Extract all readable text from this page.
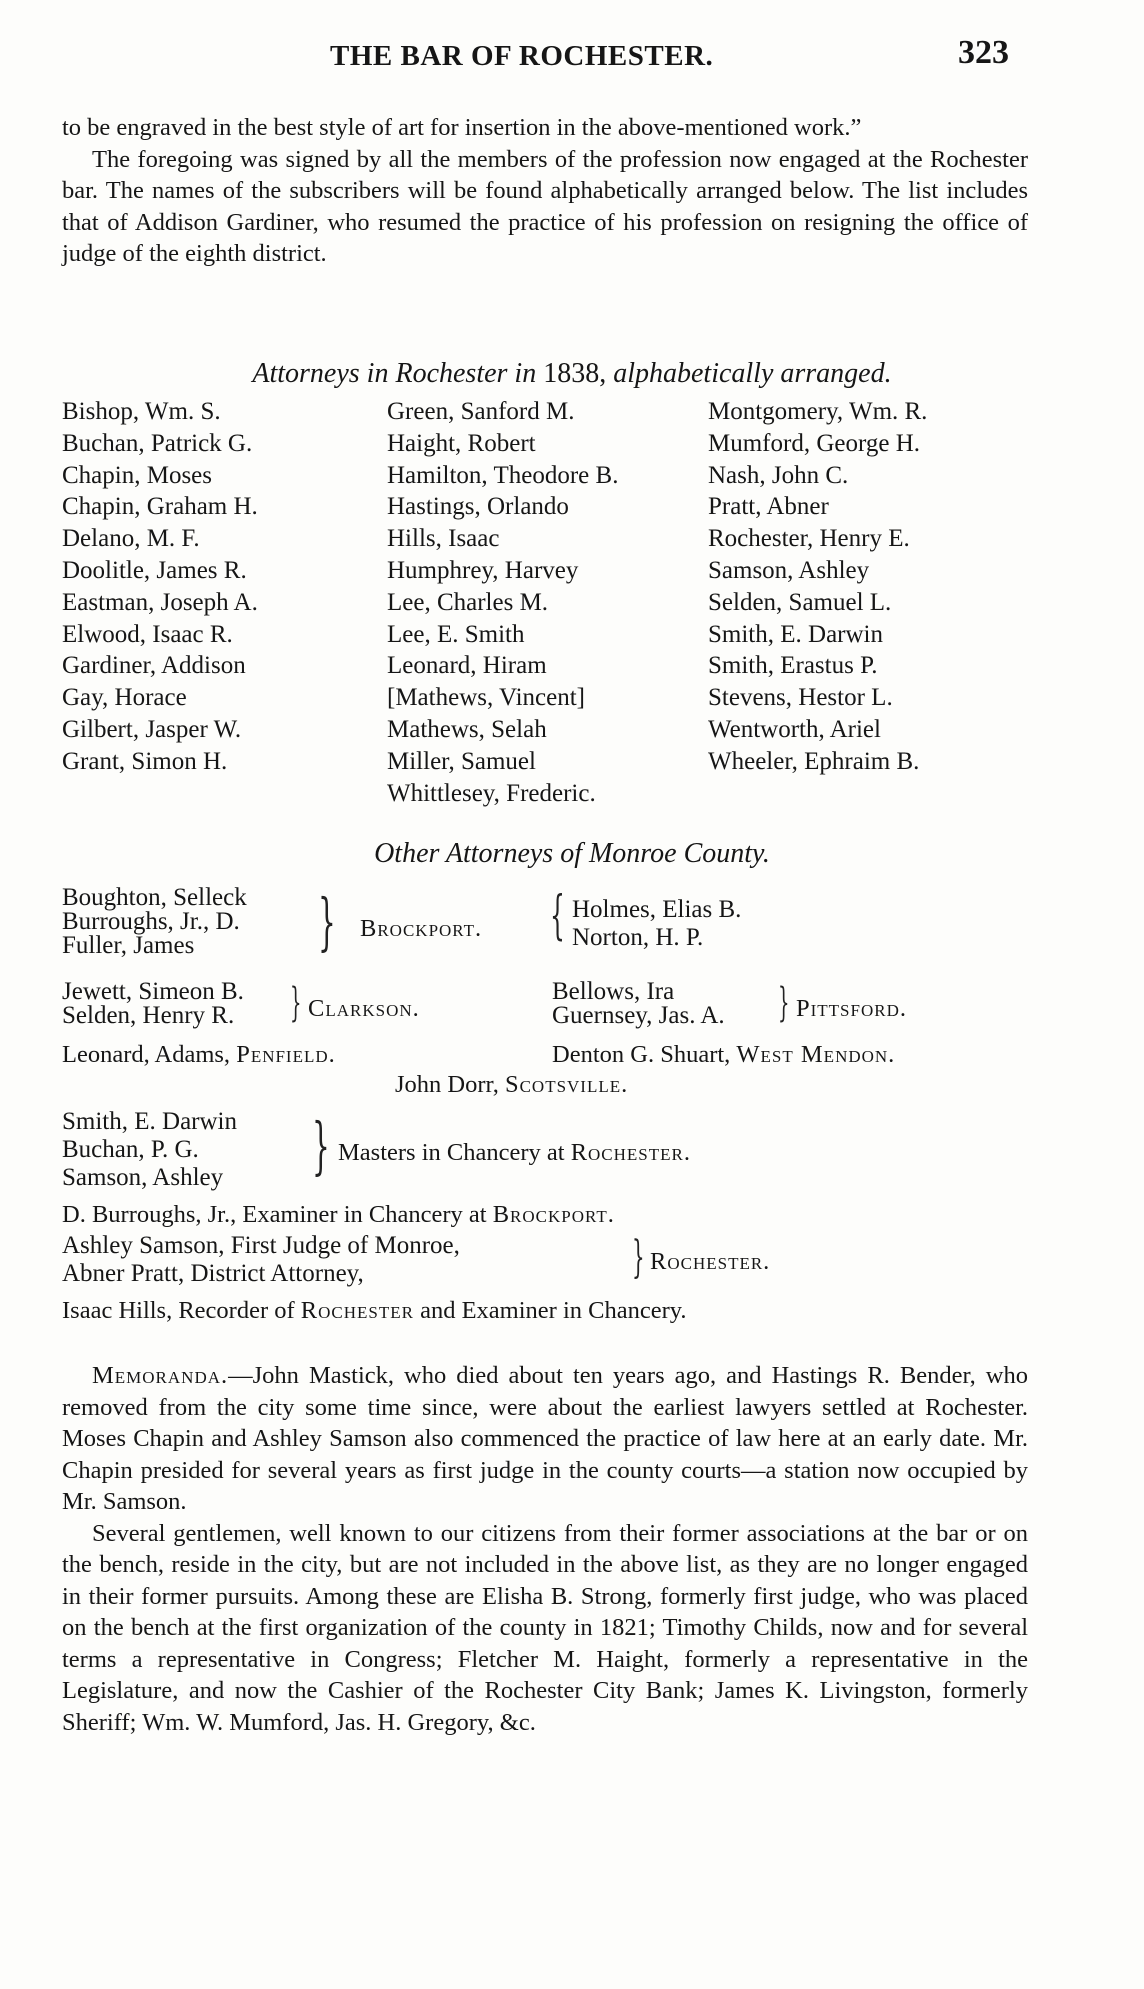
THE BAR OF ROCHESTER.	323

to be engraved in the best style of art for insertion in the above-mentioned work.”

The foregoing was signed by all the members of the profession now engaged at the Rochester bar. The names of the subscribers will be found alphabetically arranged below. The list includes that of Addison Gardiner, who resumed the practice of his profession on resigning the office of judge of the eighth district.

Attorneys in Rochester in 1838, alphabetically arranged.
Bishop, Wm. S.
Buchan, Patrick G.
Chapin, Moses
Chapin, Graham H.
Delano, M. F.
Doolitle, James R.
Eastman, Joseph A.
Elwood, Isaac R.
Gardiner, Addison
Gay, Horace
Gilbert, Jasper W.
Grant, Simon H.
Green, Sanford M.
Haight, Robert
Hamilton, Theodore B.
Hastings, Orlando
Hills, Isaac
Humphrey, Harvey
Lee, Charles M.
Lee, E. Smith
Leonard, Hiram
[Mathews, Vincent]
Mathews, Selah
Miller, Samuel
Whittlesey, Frederic.
Montgomery, Wm. R.
Mumford, George H.
Nash, John C.
Pratt, Abner
Rochester, Henry E.
Samson, Ashley
Selden, Samuel L.
Smith, E. Darwin
Smith, Erastus P.
Stevens, Hestor L.
Wentworth, Ariel
Wheeler, Ephraim B.
Other Attorneys of Monroe County.
Boughton, Selleck
Burroughs, Jr., D.
Fuller, James	} Brockport. { Holmes, Elias B.
Norton, H. P.
Jewett, Simeon B.
Selden, Henry R. } Clarkson.
Bellows, Ira
Guernsey, Jas. A. } Pittsford.
Leonard, Adams, Penfield.	Denton G. Shuart, West Mendon.
John Dorr, Scotsville.
Smith, E. Darwin
Buchan, P. G.
Samson, Ashley } Masters in Chancery at Rochester.
D. Burroughs, Jr., Examiner in Chancery at Brockport.
Ashley Samson, First Judge of Monroe,
Abner Pratt, District Attorney,	} Rochester.
Isaac Hills, Recorder of Rochester and Examiner in Chancery.

Memoranda.—John Mastick, who died about ten years ago, and Hastings R. Bender, who removed from the city some time since, were about the earliest lawyers settled at Rochester. Moses Chapin and Ashley Samson also commenced the practice of law here at an early date. Mr. Chapin presided for several years as first judge in the county courts—a station now occupied by Mr. Samson.

Several gentlemen, well known to our citizens from their former associations at the bar or on the bench, reside in the city, but are not included in the above list, as they are no longer engaged in their former pursuits. Among these are Elisha B. Strong, formerly first judge, who was placed on the bench at the first organization of the county in 1821; Timothy Childs, now and for several terms a representative in Congress; Fletcher M. Haight, formerly a representative in the Legislature, and now the Cashier of the Rochester City Bank; James K. Livingston, formerly Sheriff; Wm. W. Mumford, Jas. H. Gregory, &c.
